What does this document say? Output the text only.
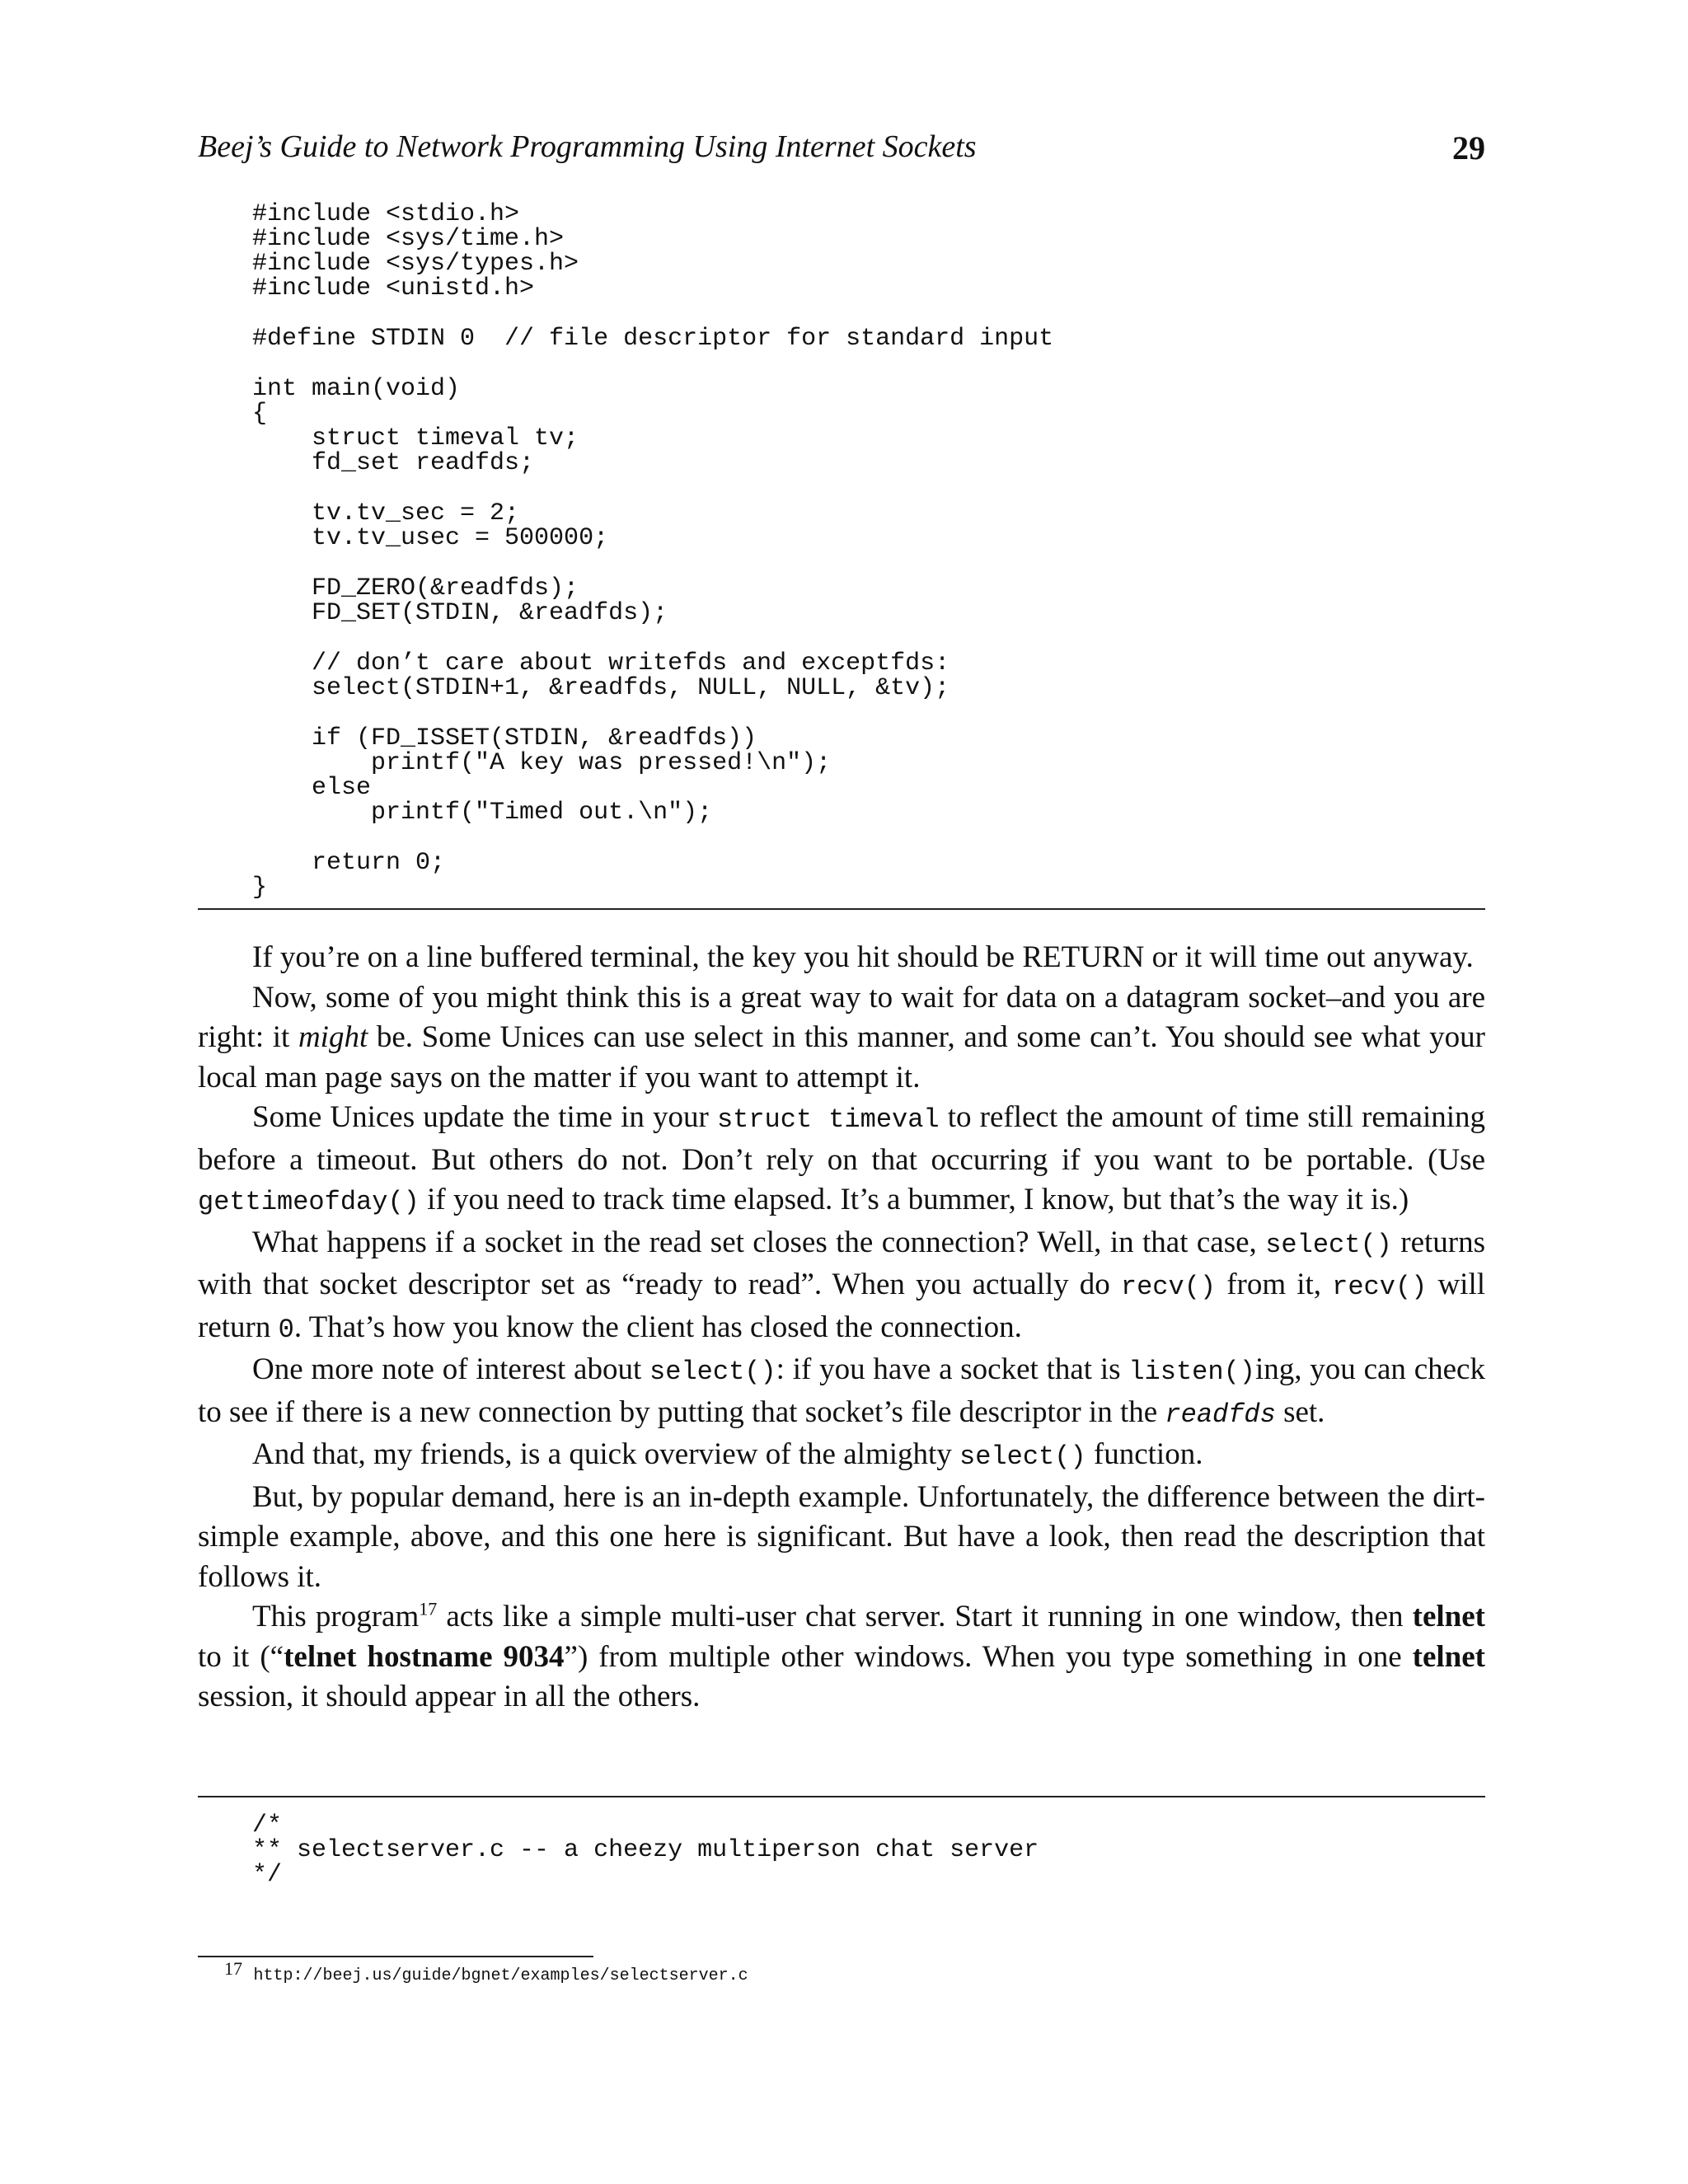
Beej’s Guide to Network Programming Using Internet Sockets	29
#include <stdio.h>
#include <sys/time.h>
#include <sys/types.h>
#include <unistd.h>
#define STDIN 0  // file descriptor for standard input
int main(void)
{
struct timeval tv;
fd_set readfds;
tv.tv_sec = 2;
tv.tv_usec = 500000;
FD_ZERO(&readfds);
FD_SET(STDIN, &readfds);
// don’t care about writefds and exceptfds:
select(STDIN+1, &readfds, NULL, NULL, &tv);
if (FD_ISSET(STDIN, &readfds))
printf("A key was pressed!\n");
else
printf("Timed out.\n");
return 0;
}

If you’re on a line buffered terminal, the key you hit should be RETURN or it will time out anyway.

Now, some of you might think this is a great way to wait for data on a datagram socket–and you are right: it might be. Some Unices can use select in this manner, and some can’t. You should see what your local man page says on the matter if you want to attempt it.

Some Unices update the time in your struct timeval to reflect the amount of time still remaining before a timeout. But others do not. Don’t rely on that occurring if you want to be portable. (Use gettimeofday() if you need to track time elapsed. It’s a bummer, I know, but that’s the way it is.)

What happens if a socket in the read set closes the connection? Well, in that case, select() returns with that socket descriptor set as “ready to read”. When you actually do recv() from it, recv() will return 0. That’s how you know the client has closed the connection.

One more note of interest about select(): if you have a socket that is listen()ing, you can check to see if there is a new connection by putting that socket’s file descriptor in the readfds set.

And that, my friends, is a quick overview of the almighty select() function.

But, by popular demand, here is an in-depth example. Unfortunately, the difference between the dirt-simple example, above, and this one here is significant. But have a look, then read the description that follows it.

This program$^{17}$ acts like a simple multi-user chat server. Start it running in one window, then telnet to it (“telnet hostname 9034”) from multiple other windows. When you type something in one telnet session, it should appear in all the others.

/*
** selectserver.c -- a cheezy multiperson chat server
*/
17 http://beej.us/guide/bgnet/examples/selectserver.c
